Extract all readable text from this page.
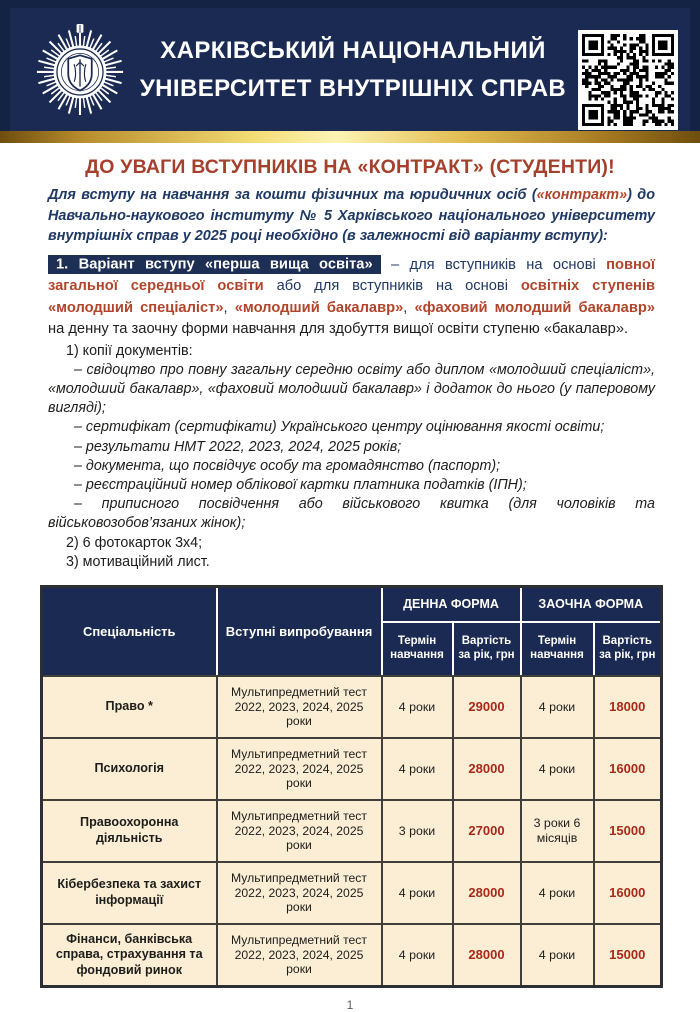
ХАРКІВСЬКИЙ НАЦІОНАЛЬНИЙ
УНІВЕРСИТЕТ ВНУТРІШНІХ СПРАВ
ДО УВАГИ ВСТУПНИКІВ НА «КОНТРАКТ» (СТУДЕНТИ)!

Для вступу на навчання за кошти фізичних та юридичних осіб («контракт») до Навчально-наукового інституту № 5 Харківського національного університету внутрішніх справ у 2025 році необхідно (в залежності від варіанту вступу):

1. Варіант вступу «перша вища освіта» – для вступників на основі повної загальної середньої освіти або для вступників на основі освітніх ступенів «молодший спеціаліст», «молодший бакалавр», «фаховий молодший бакалавр» на денну та заочну форми навчання для здобуття вищої освіти ступеню «бакалавр».

1) копії документів:

– свідоцтво про повну загальну середню освіту або диплом «молодший спеціаліст», «молодший бакалавр», «фаховий молодший бакалавр» і додаток до нього (у паперовому вигляді);

– сертифікат (сертифікати) Українського центру оцінювання якості освіти;

– результати НМТ 2022, 2023, 2024, 2025 років;

– документа, що посвідчує особу та громадянство (паспорт);

– реєстраційний номер облікової картки платника податків (ІПН);

– приписного посвідчення або військового квитка (для чоловіків та військовозобов’язаних жінок);

2) 6 фотокарток 3х4;

3) мотиваційний лист.

Спеціальність	Вступні випробування	ДЕННА ФОРМА		ЗАОЧНА ФОРМА	
		Термін навчання	Вартість за рік, грн	Термін навчання	Вартість за рік, грн
Право *	Мультипредметний тест 2022, 2023, 2024, 2025 роки	4 роки	29000	4 роки	18000
Психологія	Мультипредметний тест 2022, 2023, 2024, 2025 роки	4 роки	28000	4 роки	16000
Правоохоронна діяльність	Мультипредметний тест 2022, 2023, 2024, 2025 роки	3 роки	27000	3 роки 6 місяців	15000
Кібербезпека та захист інформації	Мультипредметний тест 2022, 2023, 2024, 2025 роки	4 роки	28000	4 роки	16000
Фінанси, банківська справа, страхування та фондовий ринок	Мультипредметний тест 2022, 2023, 2024, 2025 роки	4 роки	28000	4 роки	15000
1
